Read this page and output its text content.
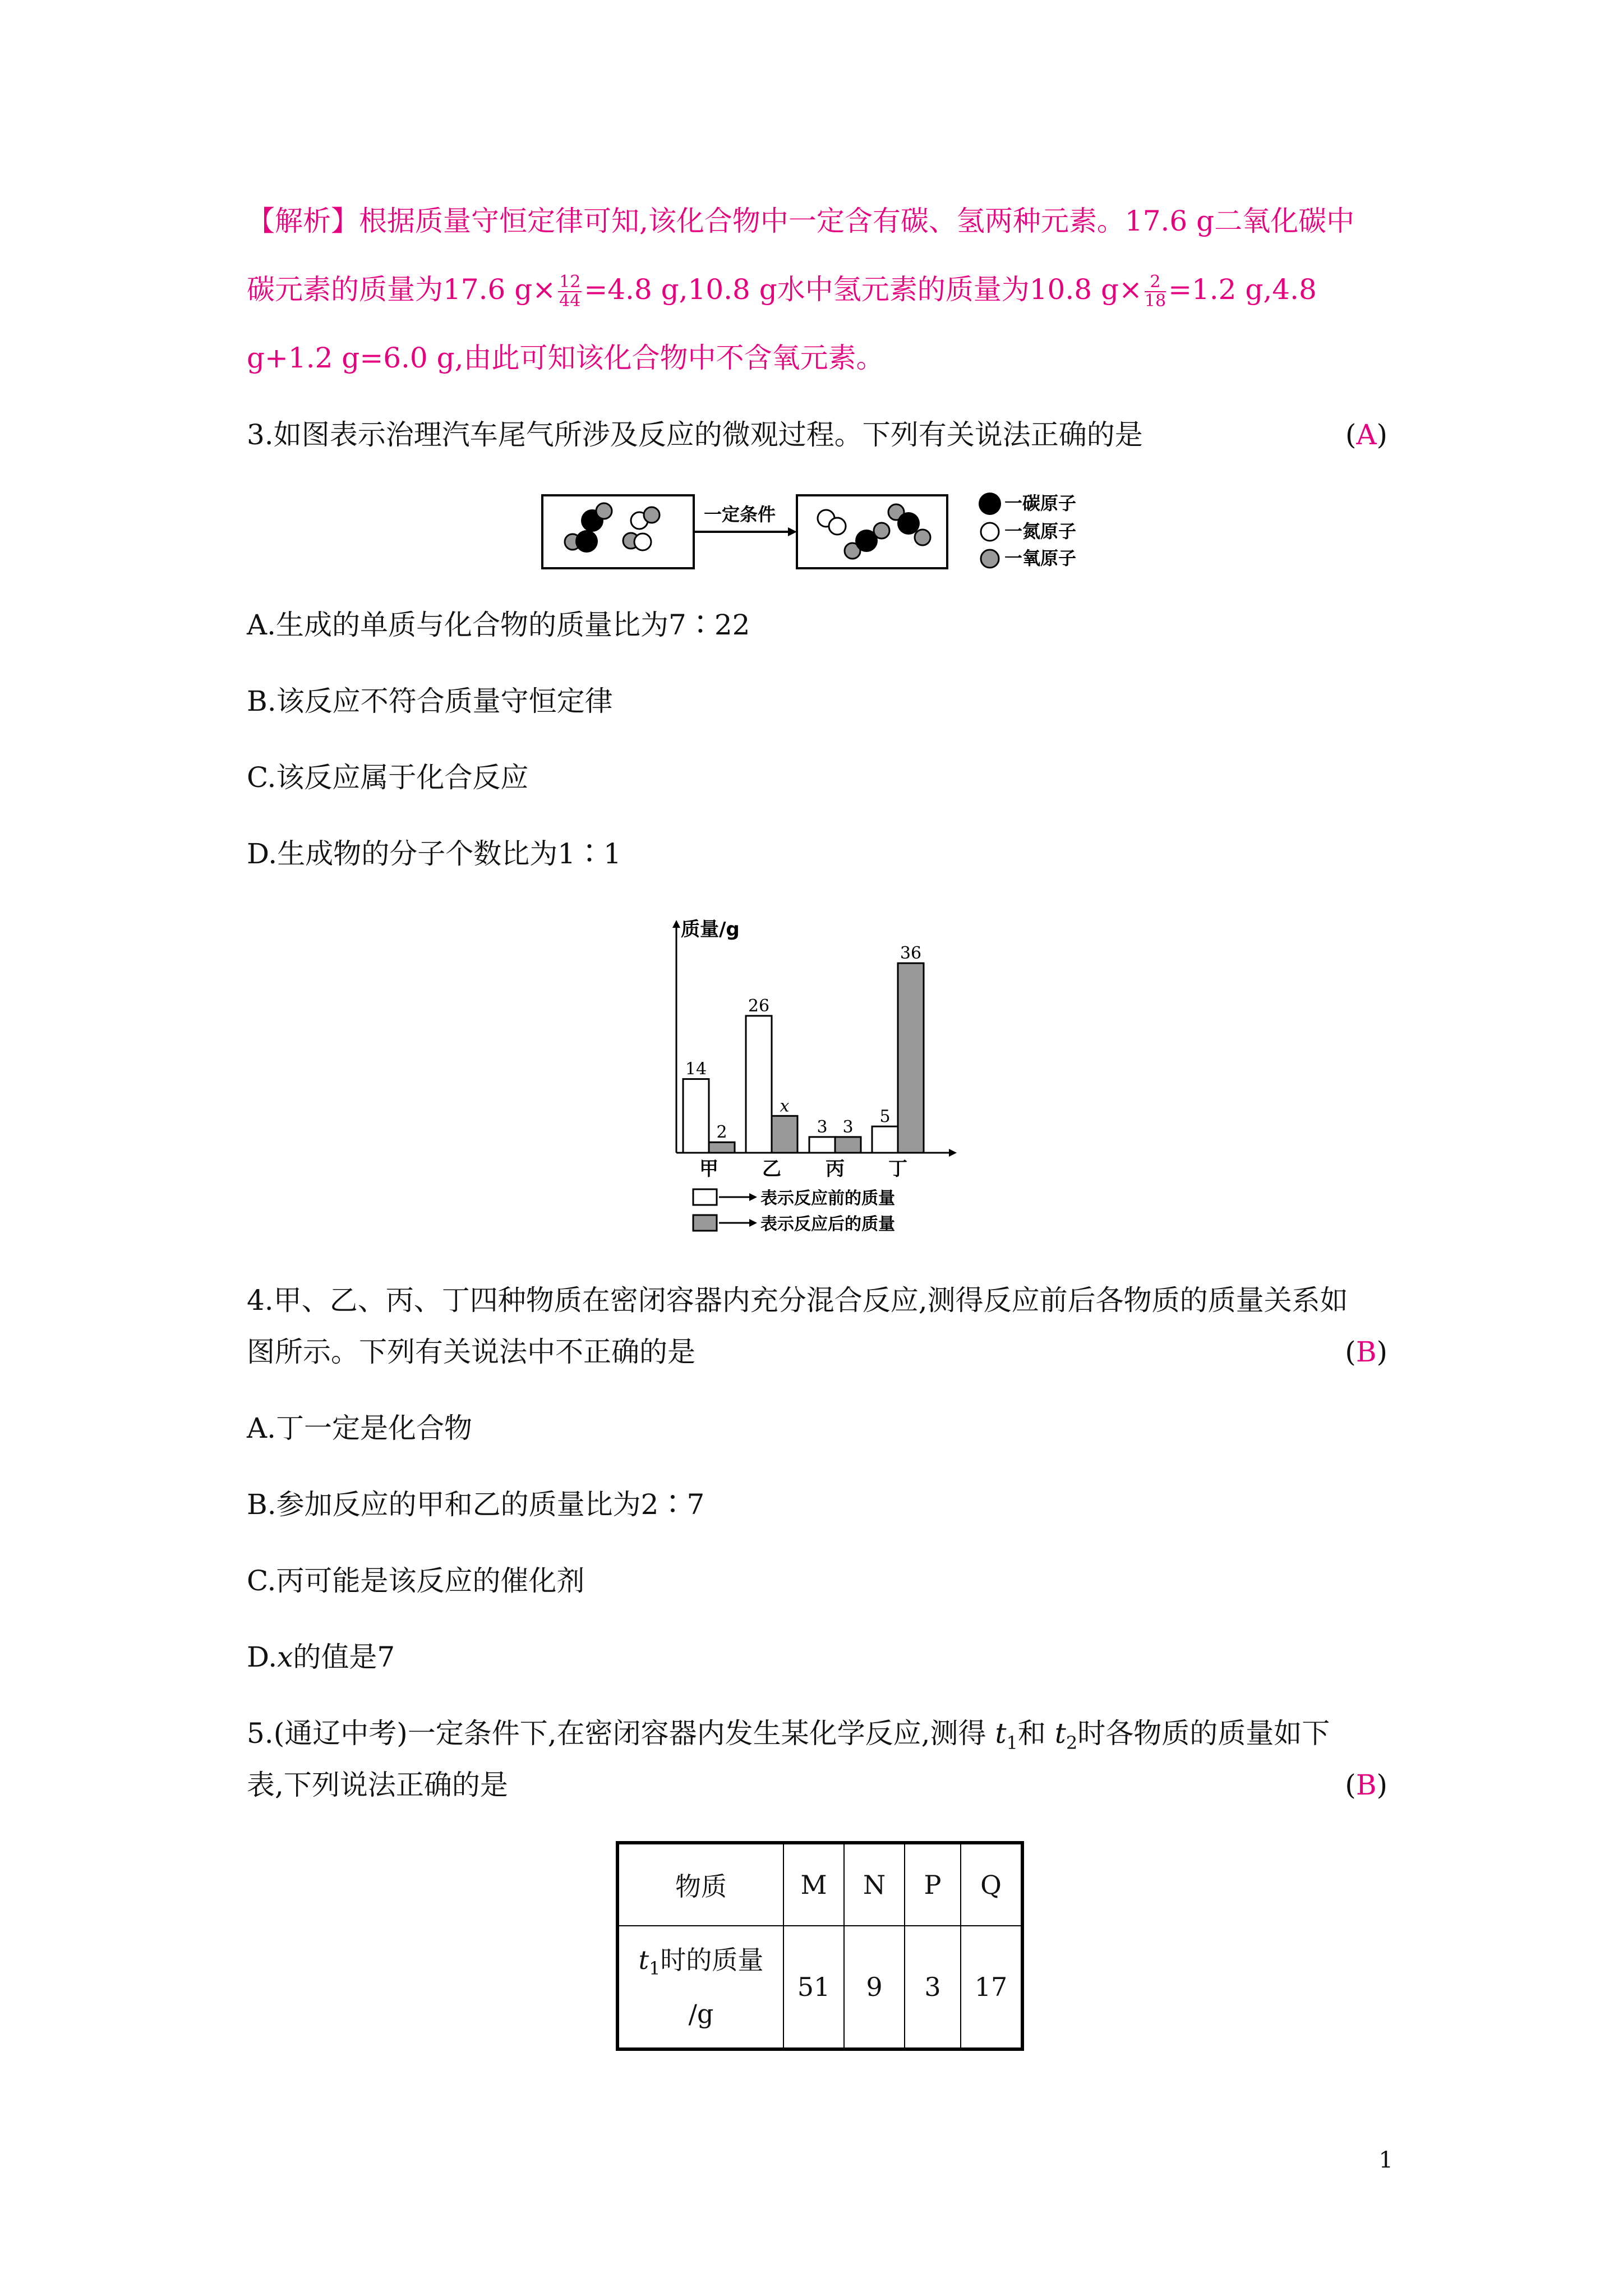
【解析】根据质量守恒定律可知,该化合物中一定含有碳、氢两种元素。17.6 g二氧化碳中
碳元素的质量为17.6 $g\times \frac{12}{44} =4.8$ g,10.8 g水中氢元素的质量为10.8 $g\times \frac{2}{18} =1.2$ g,4.8
g+1.2 g=6.0 g,由此可知该化合物中不含氧元素。
3.如图表示治理汽车尾气所涉及反应的微观过程。下列有关说法正确的是	(A)
一定条件
一碳原子
一氮原子
一氧原子
A.生成的单质与化合物的质量比为7∶22
B.该反应不符合质量守恒定律
C.该反应属于化合反应
D.生成物的分子个数比为1∶1
质量/g
14
2
甲
26
x
乙
3 3
丙
5
36
丁
表示反应前的质量
表示反应后的质量
4.甲、乙、丙、丁四种物质在密闭容器内充分混合反应,测得反应前后各物质的质量关系如
图所示。下列有关说法中不正确的是	(B)
A.丁一定是化合物
B.参加反应的甲和乙的质量比为2∶7
C.丙可能是该反应的催化剂
D.x的值是7
5.(通辽中考)一定条件下,在密闭容器内发生某化学反应,测得 $t_1$和 $t_2$时各物质的质量如下
表,下列说法正确的是	(B)
物质	M	N	P	Q
$t_1$时的质量
/g	51	9	3	17
1
